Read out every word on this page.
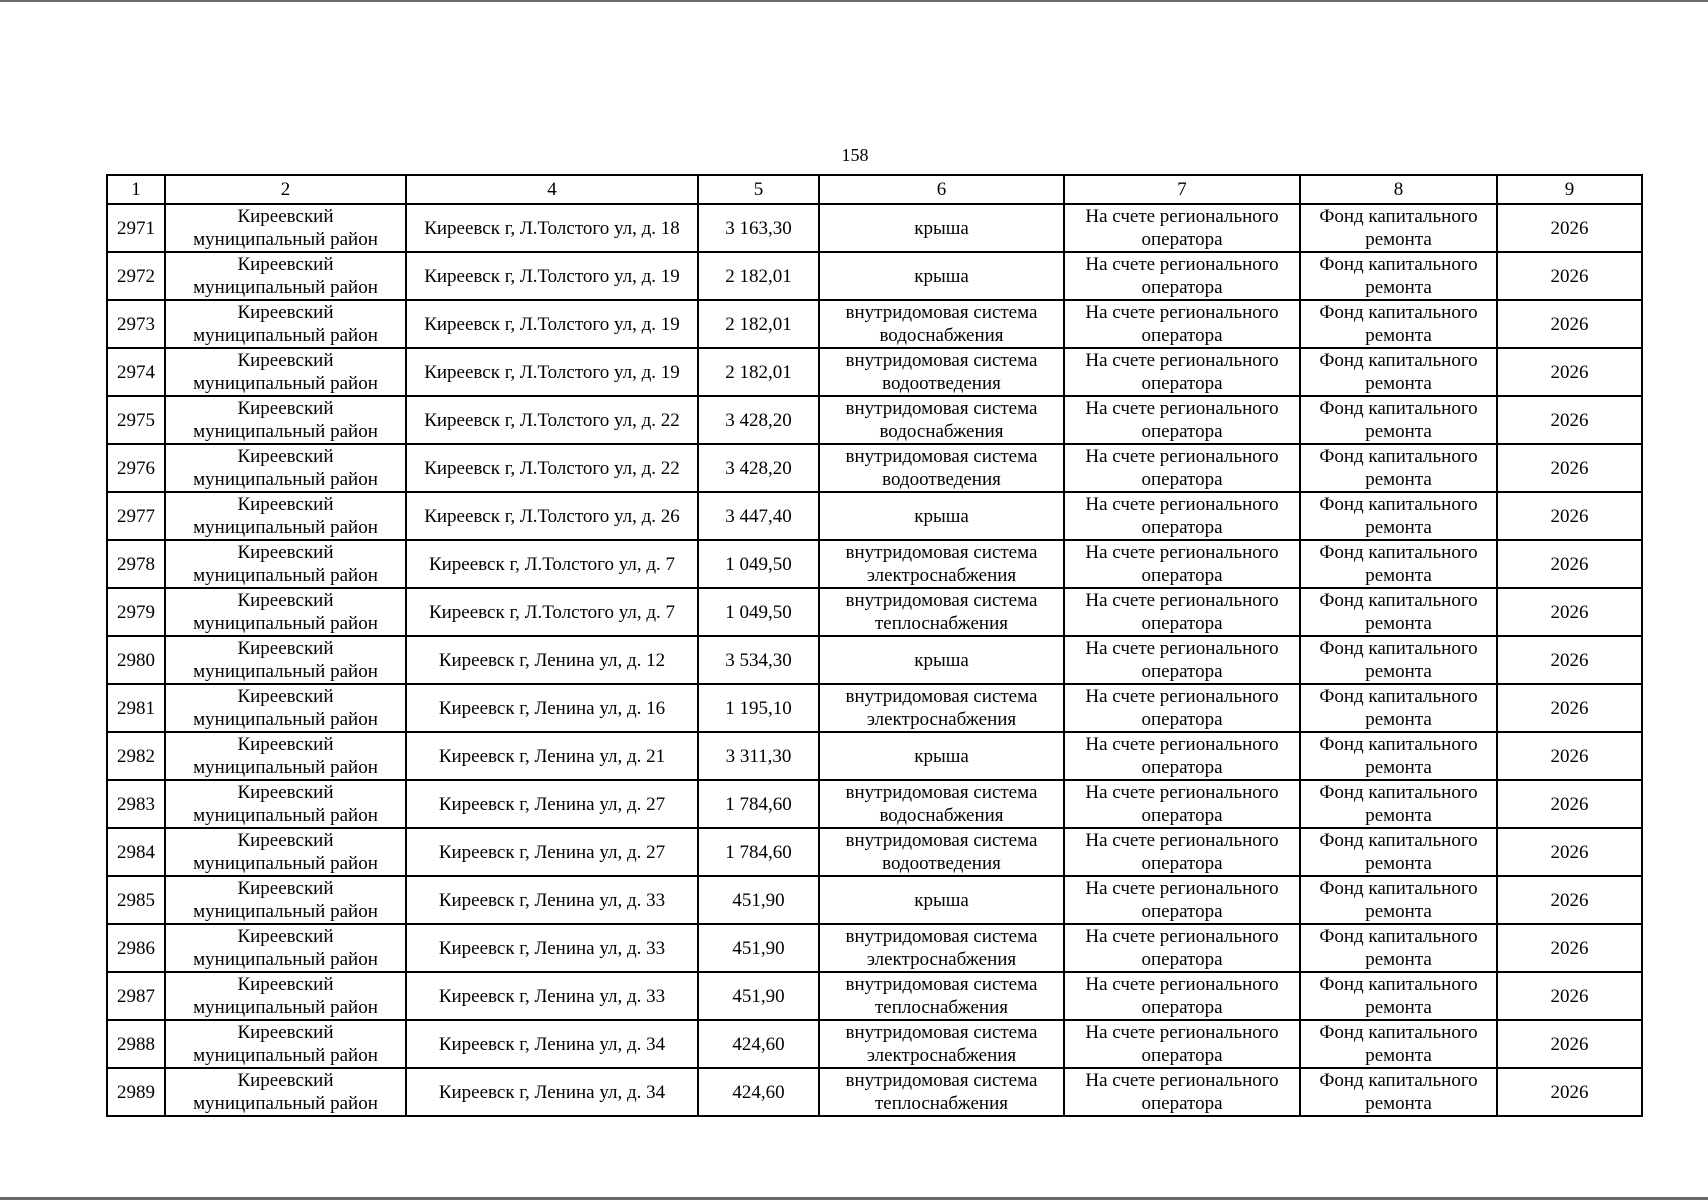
158
1	2	4	5	6	7	8	9
2971	Киреевский муниципальный район	Киреевск г, Л.Толстого ул, д. 18	3 163,30	крыша	На счете регионального оператора	Фонд капитального ремонта	2026
2972	Киреевский муниципальный район	Киреевск г, Л.Толстого ул, д. 19	2 182,01	крыша	На счете регионального оператора	Фонд капитального ремонта	2026
2973	Киреевский муниципальный район	Киреевск г, Л.Толстого ул, д. 19	2 182,01	внутридомовая система водоснабжения	На счете регионального оператора	Фонд капитального ремонта	2026
2974	Киреевский муниципальный район	Киреевск г, Л.Толстого ул, д. 19	2 182,01	внутридомовая система водоотведения	На счете регионального оператора	Фонд капитального ремонта	2026
2975	Киреевский муниципальный район	Киреевск г, Л.Толстого ул, д. 22	3 428,20	внутридомовая система водоснабжения	На счете регионального оператора	Фонд капитального ремонта	2026
2976	Киреевский муниципальный район	Киреевск г, Л.Толстого ул, д. 22	3 428,20	внутридомовая система водоотведения	На счете регионального оператора	Фонд капитального ремонта	2026
2977	Киреевский муниципальный район	Киреевск г, Л.Толстого ул, д. 26	3 447,40	крыша	На счете регионального оператора	Фонд капитального ремонта	2026
2978	Киреевский муниципальный район	Киреевск г, Л.Толстого ул, д. 7	1 049,50	внутридомовая система электроснабжения	На счете регионального оператора	Фонд капитального ремонта	2026
2979	Киреевский муниципальный район	Киреевск г, Л.Толстого ул, д. 7	1 049,50	внутридомовая система теплоснабжения	На счете регионального оператора	Фонд капитального ремонта	2026
2980	Киреевский муниципальный район	Киреевск г, Ленина ул, д. 12	3 534,30	крыша	На счете регионального оператора	Фонд капитального ремонта	2026
2981	Киреевский муниципальный район	Киреевск г, Ленина ул, д. 16	1 195,10	внутридомовая система электроснабжения	На счете регионального оператора	Фонд капитального ремонта	2026
2982	Киреевский муниципальный район	Киреевск г, Ленина ул, д. 21	3 311,30	крыша	На счете регионального оператора	Фонд капитального ремонта	2026
2983	Киреевский муниципальный район	Киреевск г, Ленина ул, д. 27	1 784,60	внутридомовая система водоснабжения	На счете регионального оператора	Фонд капитального ремонта	2026
2984	Киреевский муниципальный район	Киреевск г, Ленина ул, д. 27	1 784,60	внутридомовая система водоотведения	На счете регионального оператора	Фонд капитального ремонта	2026
2985	Киреевский муниципальный район	Киреевск г, Ленина ул, д. 33	451,90	крыша	На счете регионального оператора	Фонд капитального ремонта	2026
2986	Киреевский муниципальный район	Киреевск г, Ленина ул, д. 33	451,90	внутридомовая система электроснабжения	На счете регионального оператора	Фонд капитального ремонта	2026
2987	Киреевский муниципальный район	Киреевск г, Ленина ул, д. 33	451,90	внутридомовая система теплоснабжения	На счете регионального оператора	Фонд капитального ремонта	2026
2988	Киреевский муниципальный район	Киреевск г, Ленина ул, д. 34	424,60	внутридомовая система электроснабжения	На счете регионального оператора	Фонд капитального ремонта	2026
2989	Киреевский муниципальный район	Киреевск г, Ленина ул, д. 34	424,60	внутридомовая система теплоснабжения	На счете регионального оператора	Фонд капитального ремонта	2026
